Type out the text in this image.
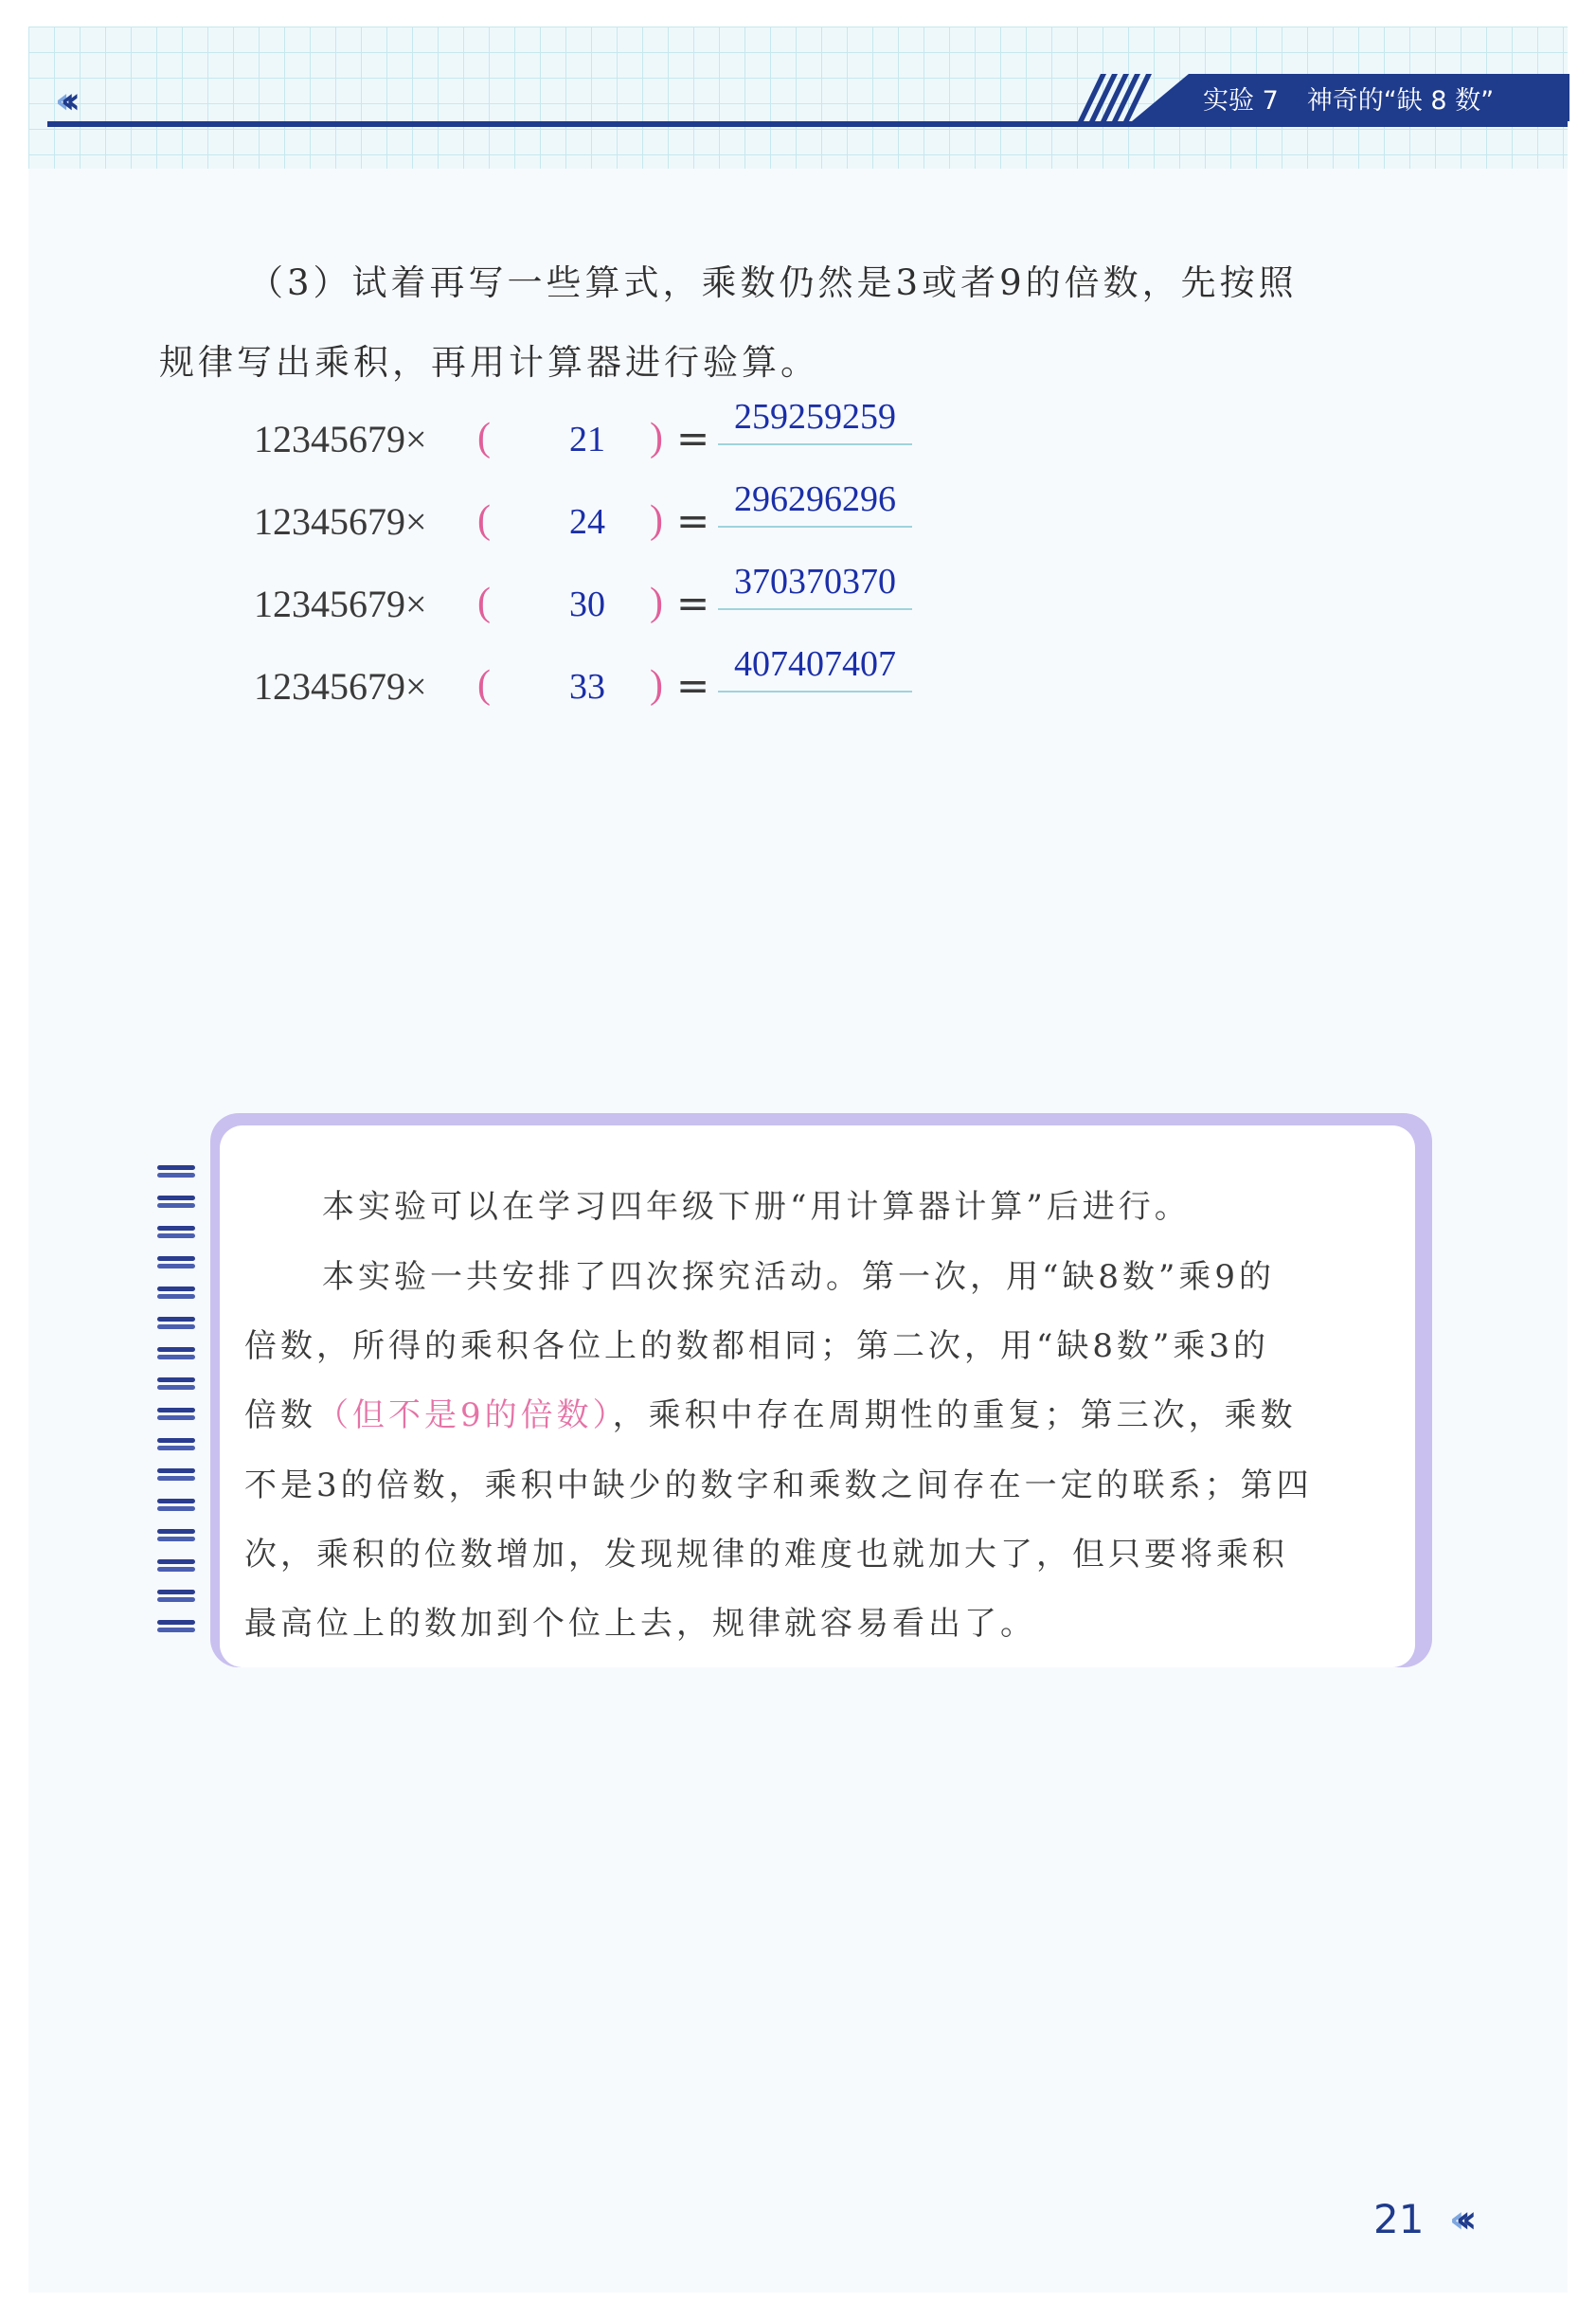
‹‹‹	实验 7 神奇的“缺 8 数”
（3）试着再写一些算式，乘数仍然是3或者9的倍数，先按照
规律写出乘积，再用计算器进行验算。
12345679× (	21	) = 259259259
12345679× (	24	) = 296296296
12345679× (	30	) = 370370370
12345679× (	33	) = 407407407
本实验可以在学习四年级下册“用计算器计算”后进行。
本实验一共安排了四次探究活动。第一次，用“缺8数”乘9的
倍数，所得的乘积各位上的数都相同；第二次，用“缺8数”乘3的
倍数（但不是9的倍数），乘积中存在周期性的重复；第三次，乘数
不是3的倍数，乘积中缺少的数字和乘数之间存在一定的联系；第四
次，乘积的位数增加，发现规律的难度也就加大了，但只要将乘积
最高位上的数加到个位上去，规律就容易看出了。
21 ‹‹‹
